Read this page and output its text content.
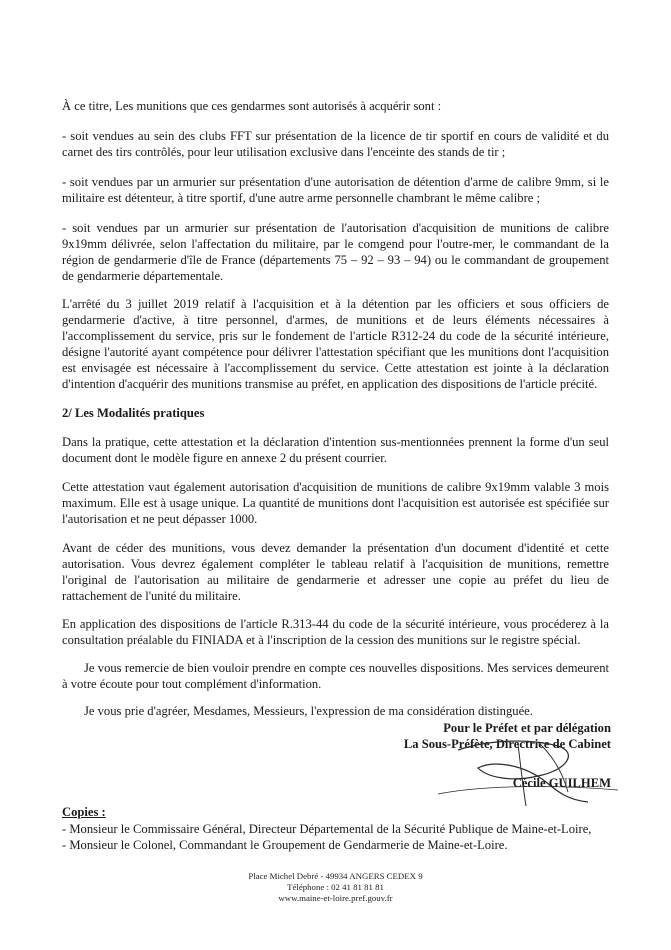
À ce titre, Les munitions que ces gendarmes sont autorisés à acquérir sont :

- soit vendues au sein des clubs FFT sur présentation de la licence de tir sportif en cours de validité et du carnet des tirs contrôlés, pour leur utilisation exclusive dans l'enceinte des stands de tir ;

- soit vendues par un armurier sur présentation d'une autorisation de détention d'arme de calibre 9mm, si le militaire est détenteur, à titre sportif, d'une autre arme personnelle chambrant le même calibre ;

- soit vendues par un armurier sur présentation de l'autorisation d'acquisition de munitions de calibre 9x19mm délivrée, selon l'affectation du militaire, par le comgend pour l'outre-mer, le commandant de la région de gendarmerie d'île de France (départements 75 – 92 – 93 – 94) ou le commandant de groupement de gendarmerie départementale.

L'arrêté du 3 juillet 2019 relatif à l'acquisition et à la détention par les officiers et sous officiers de gendarmerie d'active, à titre personnel, d'armes, de munitions et de leurs éléments nécessaires à l'accomplissement du service, pris sur le fondement de l'article R312-24 du code de la sécurité intérieure, désigne l'autorité ayant compétence pour délivrer l'attestation spécifiant que les munitions dont l'acquisition est envisagée est nécessaire à l'accomplissement du service. Cette attestation est jointe à la déclaration d'intention d'acquérir des munitions transmise au préfet, en application des dispositions de l'article précité.

2/ Les Modalités pratiques

Dans la pratique, cette attestation et la déclaration d'intention sus-mentionnées prennent la forme d'un seul document dont le modèle figure en annexe 2 du présent courrier.

Cette attestation vaut également autorisation d'acquisition de munitions de calibre 9x19mm valable 3 mois maximum. Elle est à usage unique. La quantité de munitions dont l'acquisition est autorisée est spécifiée sur l'autorisation et ne peut dépasser 1000.

Avant de céder des munitions, vous devez demander la présentation d'un document d'identité et cette autorisation. Vous devrez également compléter le tableau relatif à l'acquisition de munitions, remettre l'original de l'autorisation au militaire de gendarmerie et adresser une copie au préfet du lieu de rattachement de l'unité du militaire.

En application des dispositions de l'article R.313-44 du code de la sécurité intérieure, vous procéderez à la consultation préalable du FINIADA et à l'inscription de la cession des munitions sur le registre spécial.

Je vous remercie de bien vouloir prendre en compte ces nouvelles dispositions. Mes services demeurent à votre écoute pour tout complément d'information.

Je vous prie d'agréer, Mesdames, Messieurs, l'expression de ma considération distinguée.

Pour le Préfet et par délégation

La Sous-Préfète, Directrice de Cabinet

Cécile GUILHEM

Copies :

- Monsieur le Commissaire Général, Directeur Départemental de la Sécurité Publique de Maine-et-Loire,

- Monsieur le Colonel, Commandant le Groupement de Gendarmerie de Maine-et-Loire.

Place Michel Debré - 49934 ANGERS CEDEX 9

Téléphone : 02 41 81 81 81

www.maine-et-loire.pref.gouv.fr
